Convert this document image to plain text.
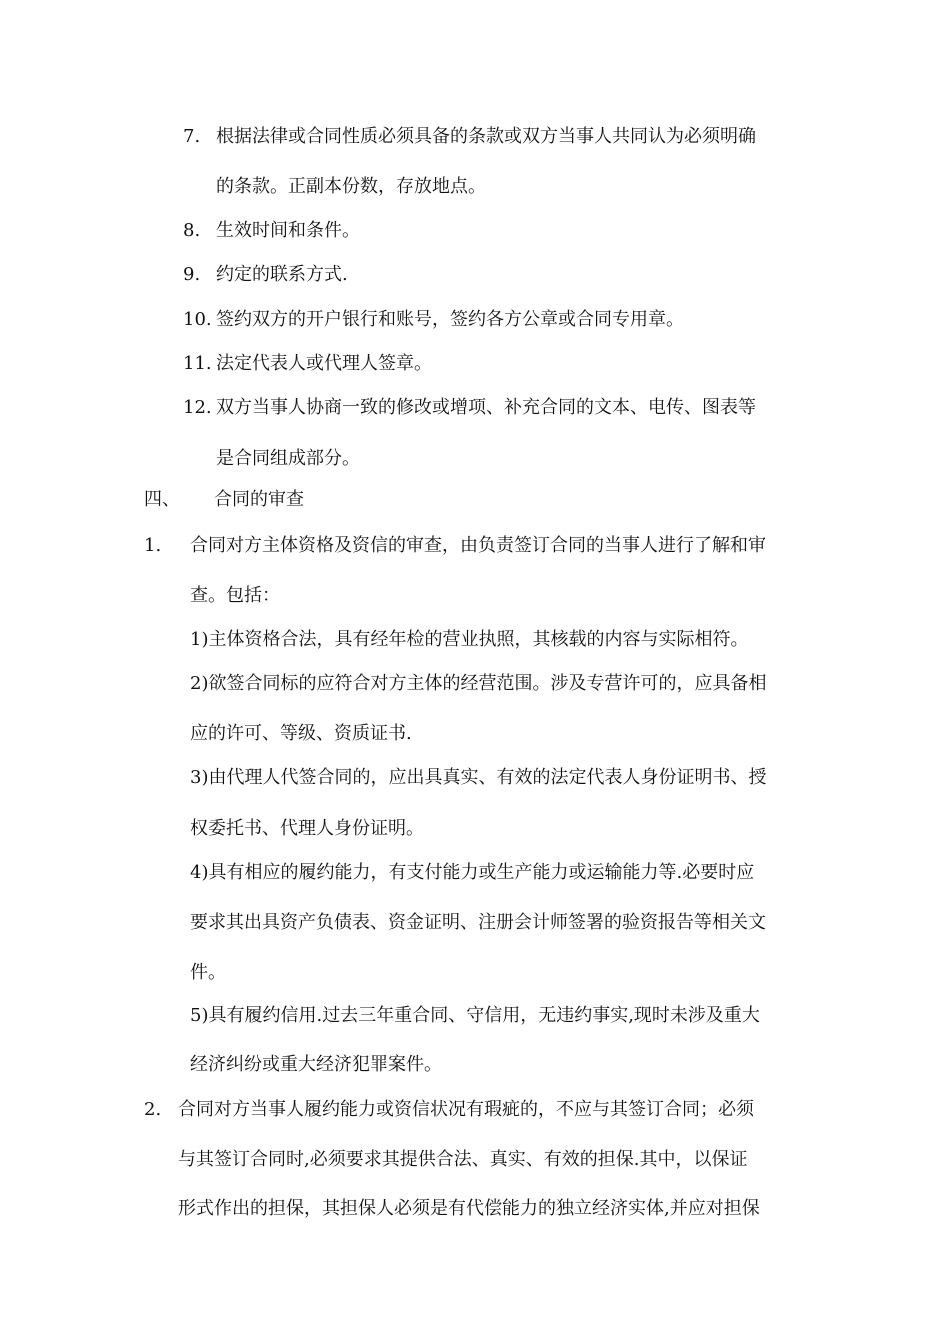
7. 根据法律或合同性质必须具备的条款或双方当事人共同认为必须明确
的条款。正副本份数，存放地点。
8. 生效时间和条件。
9. 约定的联系方式.
10. 签约双方的开户银行和账号，签约各方公章或合同专用章。
11. 法定代表人或代理人签章。
12. 双方当事人协商一致的修改或增项、补充合同的文本、电传、图表等
是合同组成部分。
四、 合同的审查
1. 合同对方主体资格及资信的审查，由负责签订合同的当事人进行了解和审
查。包括：
1)主体资格合法，具有经年检的营业执照，其核载的内容与实际相符。
2)欲签合同标的应符合对方主体的经营范围。涉及专营许可的，应具备相
应的许可、等级、资质证书.
3)由代理人代签合同的，应出具真实、有效的法定代表人身份证明书、授
权委托书、代理人身份证明。
4)具有相应的履约能力，有支付能力或生产能力或运输能力等.必要时应
要求其出具资产负债表、资金证明、注册会计师签署的验资报告等相关文
件。
5)具有履约信用.过去三年重合同、守信用，无违约事实,现时未涉及重大
经济纠纷或重大经济犯罪案件。
2. 合同对方当事人履约能力或资信状况有瑕疵的，不应与其签订合同；必须
与其签订合同时,必须要求其提供合法、真实、有效的担保.其中，以保证
形式作出的担保，其担保人必须是有代偿能力的独立经济实体,并应对担保
